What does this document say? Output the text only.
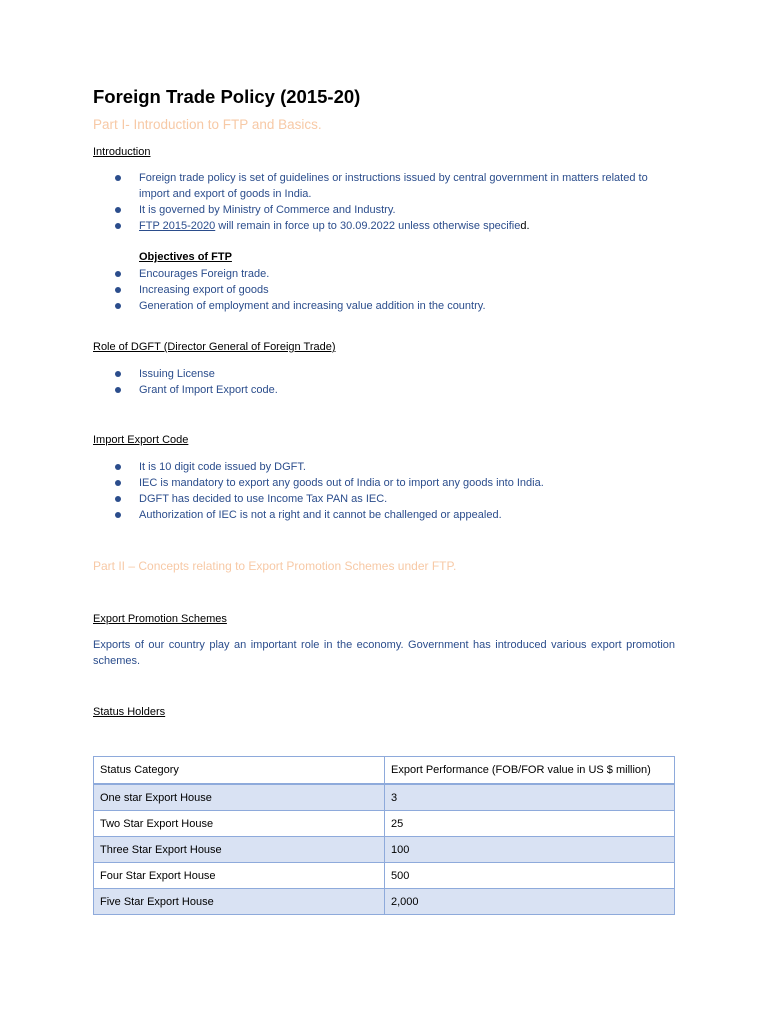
Foreign Trade Policy (2015-20)
Part I- Introduction to FTP and Basics.
Introduction
Foreign trade policy is set of guidelines or instructions issued by central government in matters related to import and export of goods in India.
It is governed by Ministry of Commerce and Industry.
FTP 2015-2020 will remain in force up to 30.09.2022 unless otherwise specified.
Objectives of FTP
Encourages Foreign trade.
Increasing export of goods
Generation of employment and increasing value addition in the country.
Role of DGFT (Director General of Foreign Trade)
Issuing License
Grant of Import Export code.
Import Export Code
It is 10 digit code issued by DGFT.
IEC is mandatory to export any goods out of India or to import any goods into India.
DGFT has decided to use Income Tax PAN as IEC.
Authorization of IEC is not a right and it cannot be challenged or appealed.
Part II – Concepts relating to Export Promotion Schemes under FTP.
Export Promotion Schemes
Exports of our country play an important role in the economy. Government has introduced various export promotion schemes.
Status Holders
Status Category	Export Performance (FOB/FOR value in US $ million)
One star Export House	3
Two Star Export House	25
Three Star Export House	100
Four Star Export House	500
Five Star Export House	2,000
